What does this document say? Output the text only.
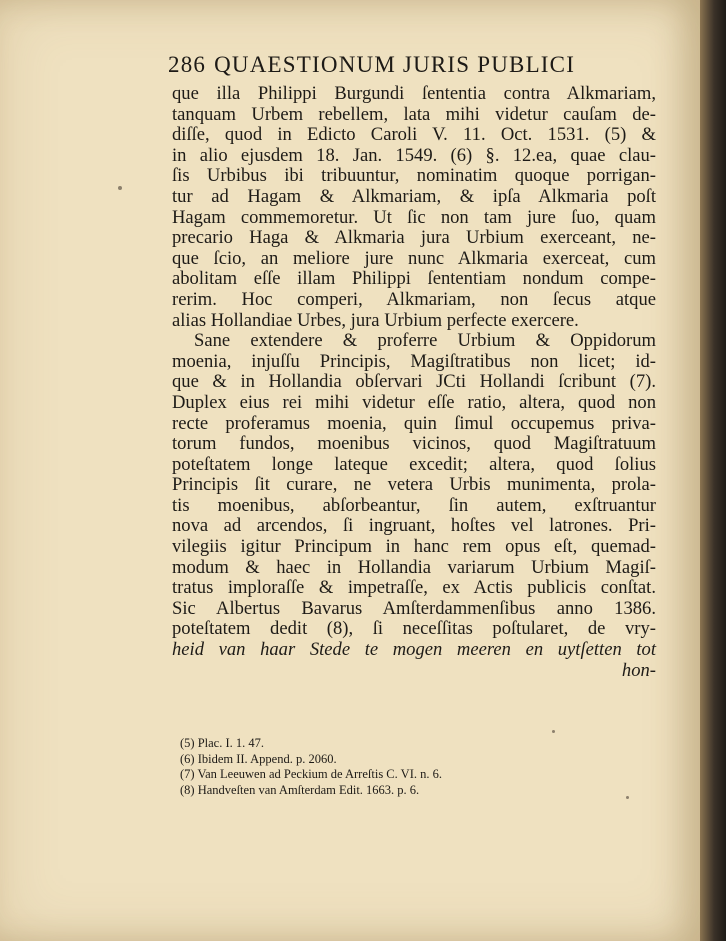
286 QUAESTIONUM JURIS PUBLICI
que illa Philippi Burgundi ſententia contra Alkmariam,
tanquam Urbem rebellem, lata mihi videtur cauſam de-
diſſe, quod in Edicto Caroli V. 11. Oct. 1531. (5) &
in alio ejusdem 18. Jan. 1549. (6) §. 12.ea, quae clau-
ſis Urbibus ibi tribuuntur, nominatim quoque porrigan-
tur ad Hagam & Alkmariam, & ipſa Alkmaria poſt
Hagam commemoretur. Ut ſic non tam jure ſuo, quam
precario Haga & Alkmaria jura Urbium exerceant, ne-
que ſcio, an meliore jure nunc Alkmaria exerceat, cum
abolitam eſſe illam Philippi ſententiam nondum compe-
rerim. Hoc comperi, Alkmariam, non ſecus atque
alias Hollandiae Urbes, jura Urbium perfecte exercere.
Sane extendere & proferre Urbium & Oppidorum
moenia, injuſſu Principis, Magiſtratibus non licet; id-
que & in Hollandia obſervari JCti Hollandi ſcribunt (7).
Duplex eius rei mihi videtur eſſe ratio, altera, quod non
recte proferamus moenia, quin ſimul occupemus priva-
torum fundos, moenibus vicinos, quod Magiſtratuum
poteſtatem longe lateque excedit; altera, quod ſolius
Principis ſit curare, ne vetera Urbis munimenta, prola-
tis moenibus, abſorbeantur, ſin autem, exſtruantur
nova ad arcendos, ſi ingruant, hoſtes vel latrones. Pri-
vilegiis igitur Principum in hanc rem opus eſt, quemad-
modum & haec in Hollandia variarum Urbium Magiſ-
tratus imploraſſe & impetraſſe, ex Actis publicis conſtat.
Sic Albertus Bavarus Amſterdammenſibus anno 1386.
poteſtatem dedit (8), ſi neceſſitas poſtularet, de vry-
heid van haar Stede te mogen meeren en uytſetten tot
hon-
(5) Plac. I. 1. 47.
(6) Ibidem II. Append. p. 2060.
(7) Van Leeuwen ad Peckium de Arreſtis C. VI. n. 6.
(8) Handveſten van Amſterdam Edit. 1663. p. 6.
